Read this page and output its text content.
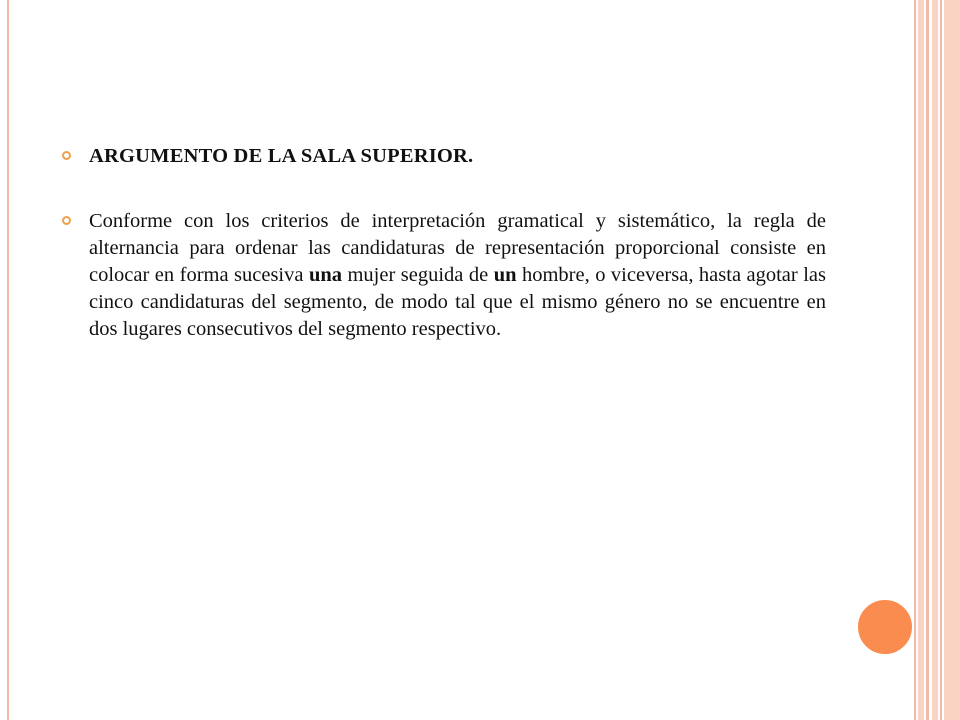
ARGUMENTO DE LA SALA SUPERIOR.
Conforme con los criterios de interpretación gramatical y sistemático, la regla de alternancia para ordenar las candidaturas de representación proporcional consiste en colocar en forma sucesiva una mujer seguida de un hombre, o viceversa, hasta agotar las cinco candidaturas del segmento, de modo tal que el mismo género no se encuentre en dos lugares consecutivos del segmento respectivo.
